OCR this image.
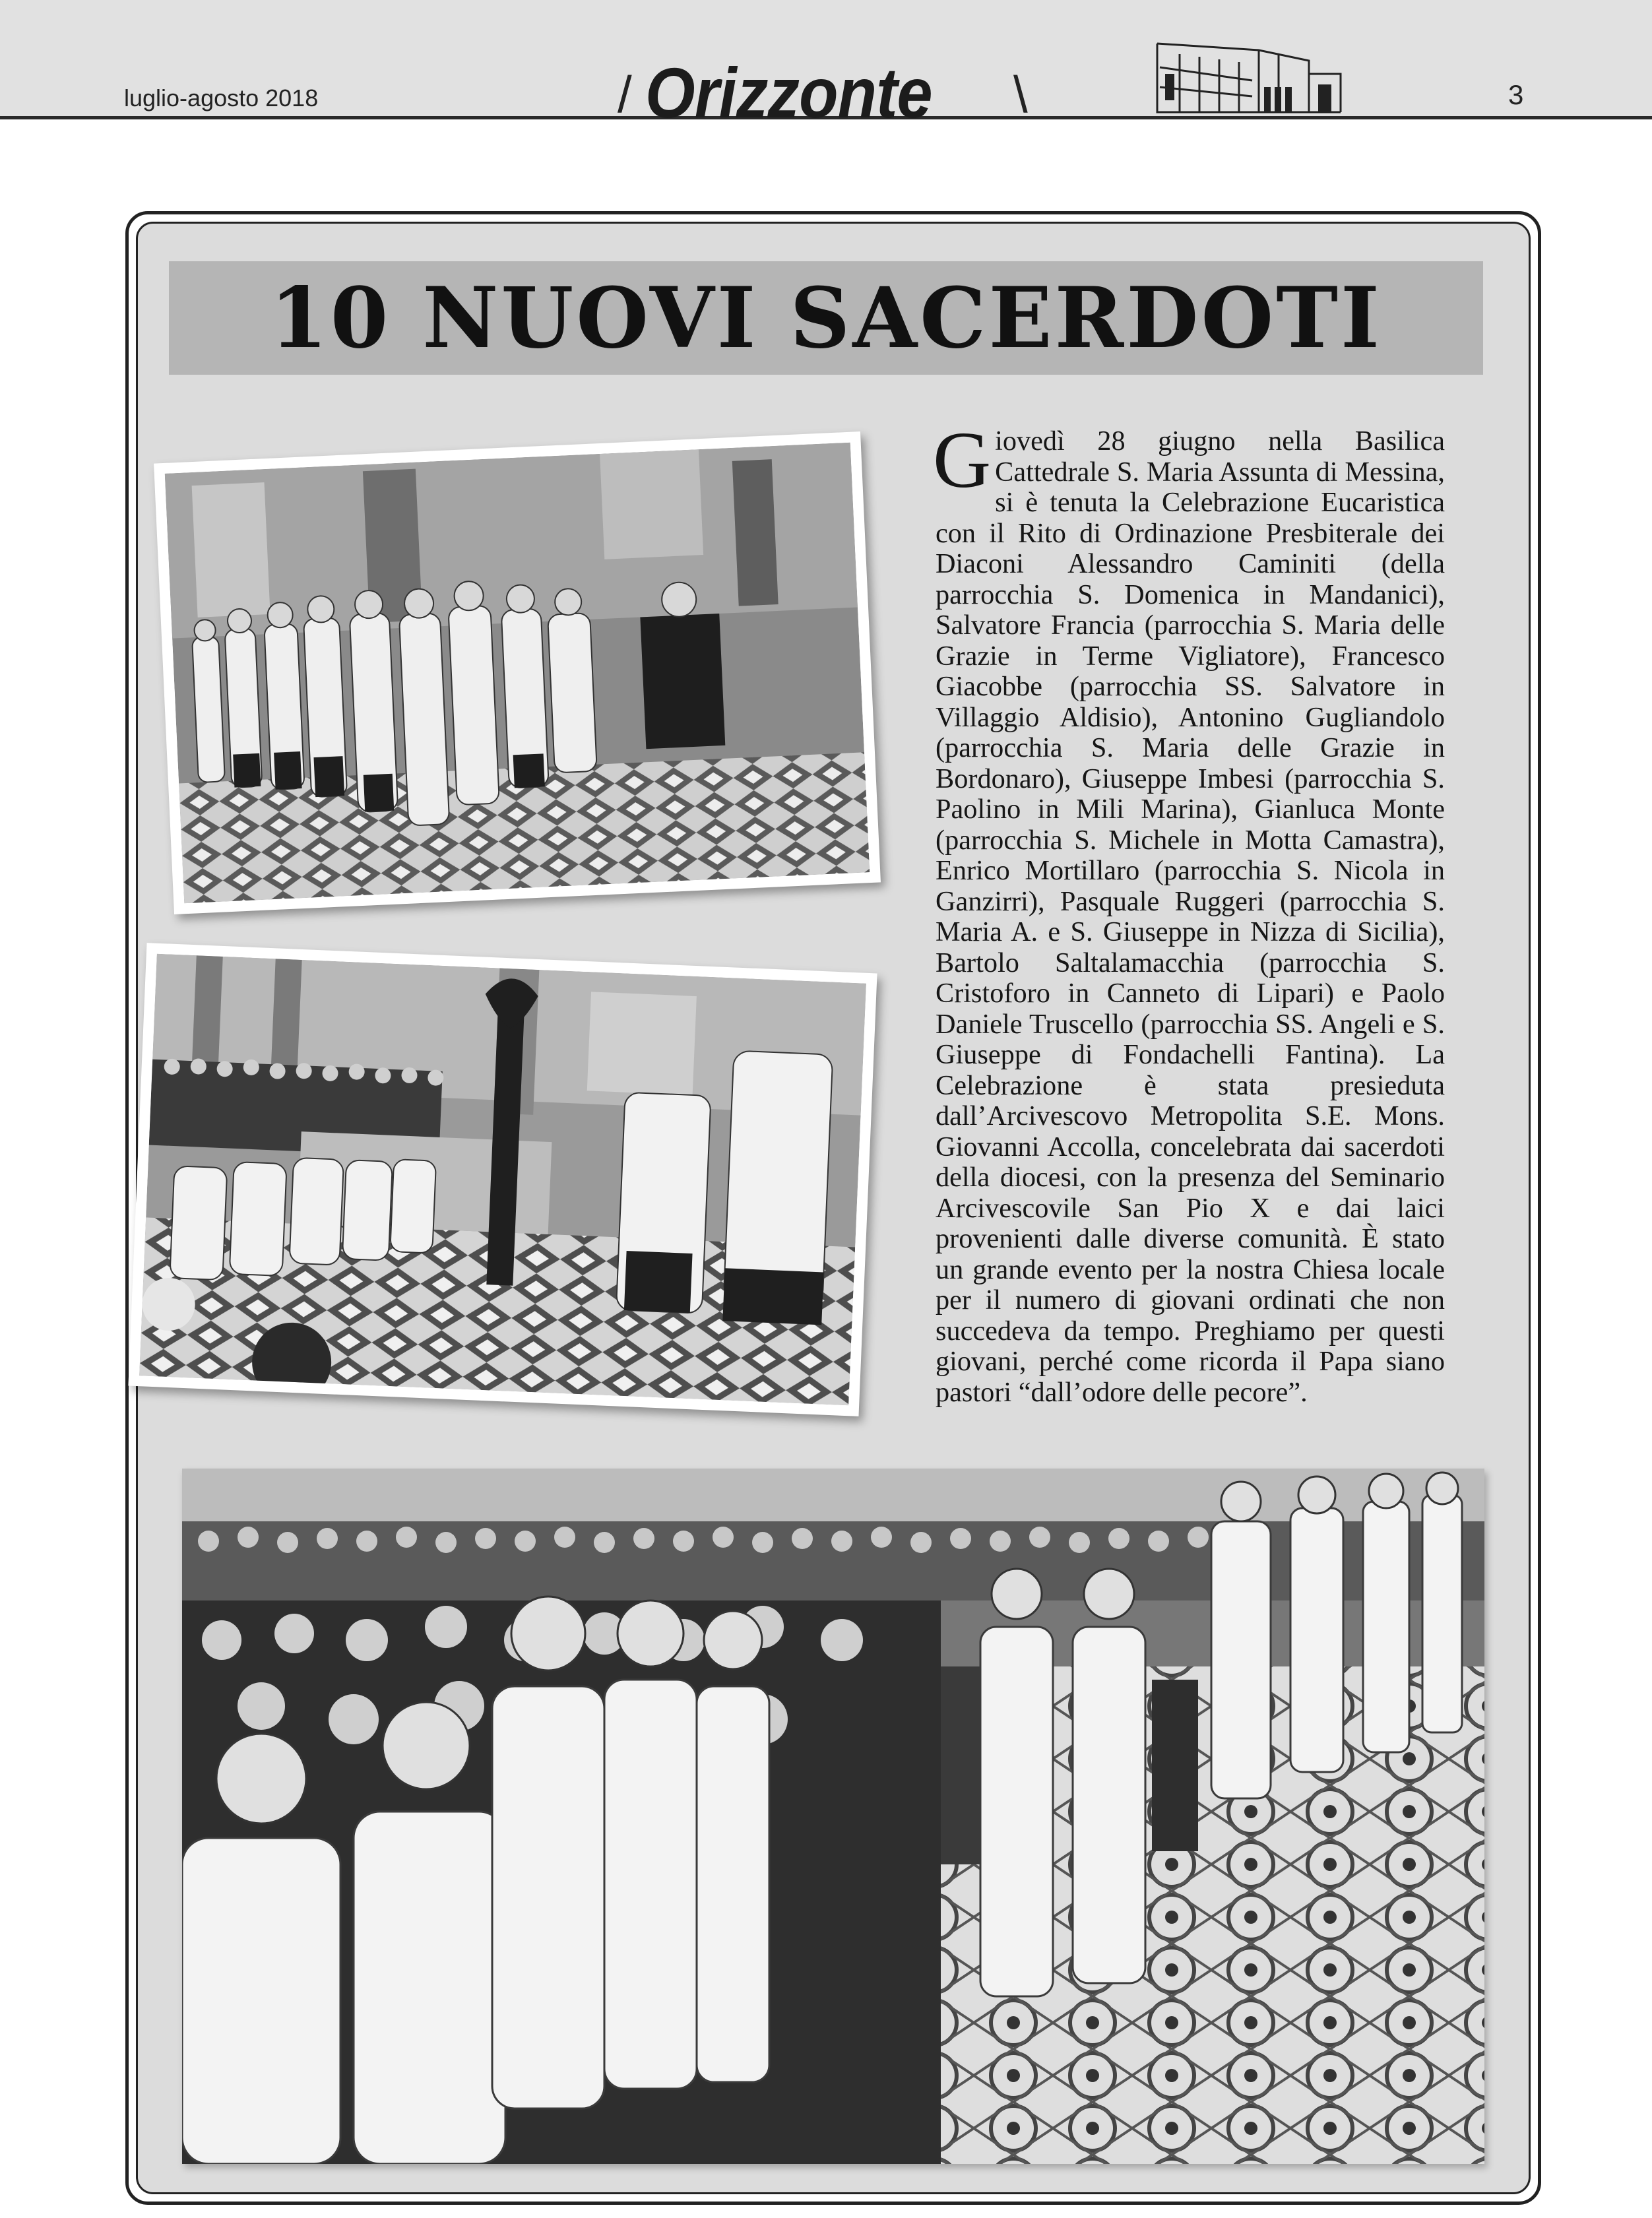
luglio-agosto 2018	/ Orizzonte \	3
10 NUOVI SACERDOTI

Giovedì 28 giugno nella Basilica Cattedrale S. Maria Assunta di Messina, si è tenuta la Celebrazione Eucaristica con il Rito di Ordinazione Presbiterale dei Diaconi Alessandro Caminiti (della parrocchia S. Domenica in Mandanici), Salvatore Francia (parrocchia S. Maria delle Grazie in Terme Vigliatore), Francesco Giacobbe (parrocchia SS. Salvatore in Villaggio Aldisio), Antonino Gugliandolo (parrocchia S. Maria delle Grazie in Bordonaro), Giuseppe Imbesi (parrocchia S. Paolino in Mili Marina), Gianluca Monte (parrocchia S. Michele in Motta Camastra), Enrico Mortillaro (parrocchia S. Nicola in Ganzirri), Pasquale Ruggeri (parrocchia S. Maria A. e S. Giuseppe in Nizza di Sicilia), Bartolo Saltalamacchia (parrocchia S. Cristoforo in Canneto di Lipari) e Paolo Daniele Truscello (parrocchia SS. Angeli e S. Giuseppe di Fondachelli Fantina). La Celebrazione è stata presieduta dall’Arcivescovo Metropolita S.E. Mons. Giovanni Accolla, concelebrata dai sacerdoti della diocesi, con la presenza del Seminario Arcivescovile San Pio X e dai laici provenienti dalle diverse comunità. È stato un grande evento per la nostra Chiesa locale per il numero di giovani ordinati che non succedeva da tempo. Preghiamo per questi giovani, perché come ricorda il Papa siano pastori “dall’odore delle pecore”.
